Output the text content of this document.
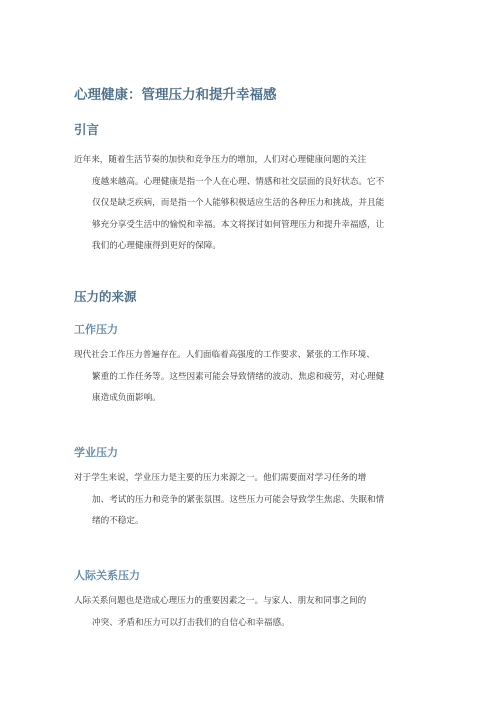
心理健康：管理压力和提升幸福感
引言
近年来，随着生活节奏的加快和竞争压力的增加，人们对心理健康问题的关注
度越来越高。心理健康是指一个人在心理、情感和社交层面的良好状态。它不
仅仅是缺乏疾病，而是指一个人能够积极适应生活的各种压力和挑战，并且能
够充分享受生活中的愉悦和幸福。本文将探讨如何管理压力和提升幸福感，让
我们的心理健康得到更好的保障。
压力的来源
工作压力
现代社会工作压力普遍存在。人们面临着高强度的工作要求、紧张的工作环境、
繁重的工作任务等。这些因素可能会导致情绪的波动、焦虑和疲劳，对心理健
康造成负面影响。
学业压力
对于学生来说，学业压力是主要的压力来源之一。他们需要面对学习任务的增
加、考试的压力和竞争的紧张氛围。这些压力可能会导致学生焦虑、失眠和情
绪的不稳定。
人际关系压力
人际关系问题也是造成心理压力的重要因素之一。与家人、朋友和同事之间的
冲突、矛盾和压力可以打击我们的自信心和幸福感。
